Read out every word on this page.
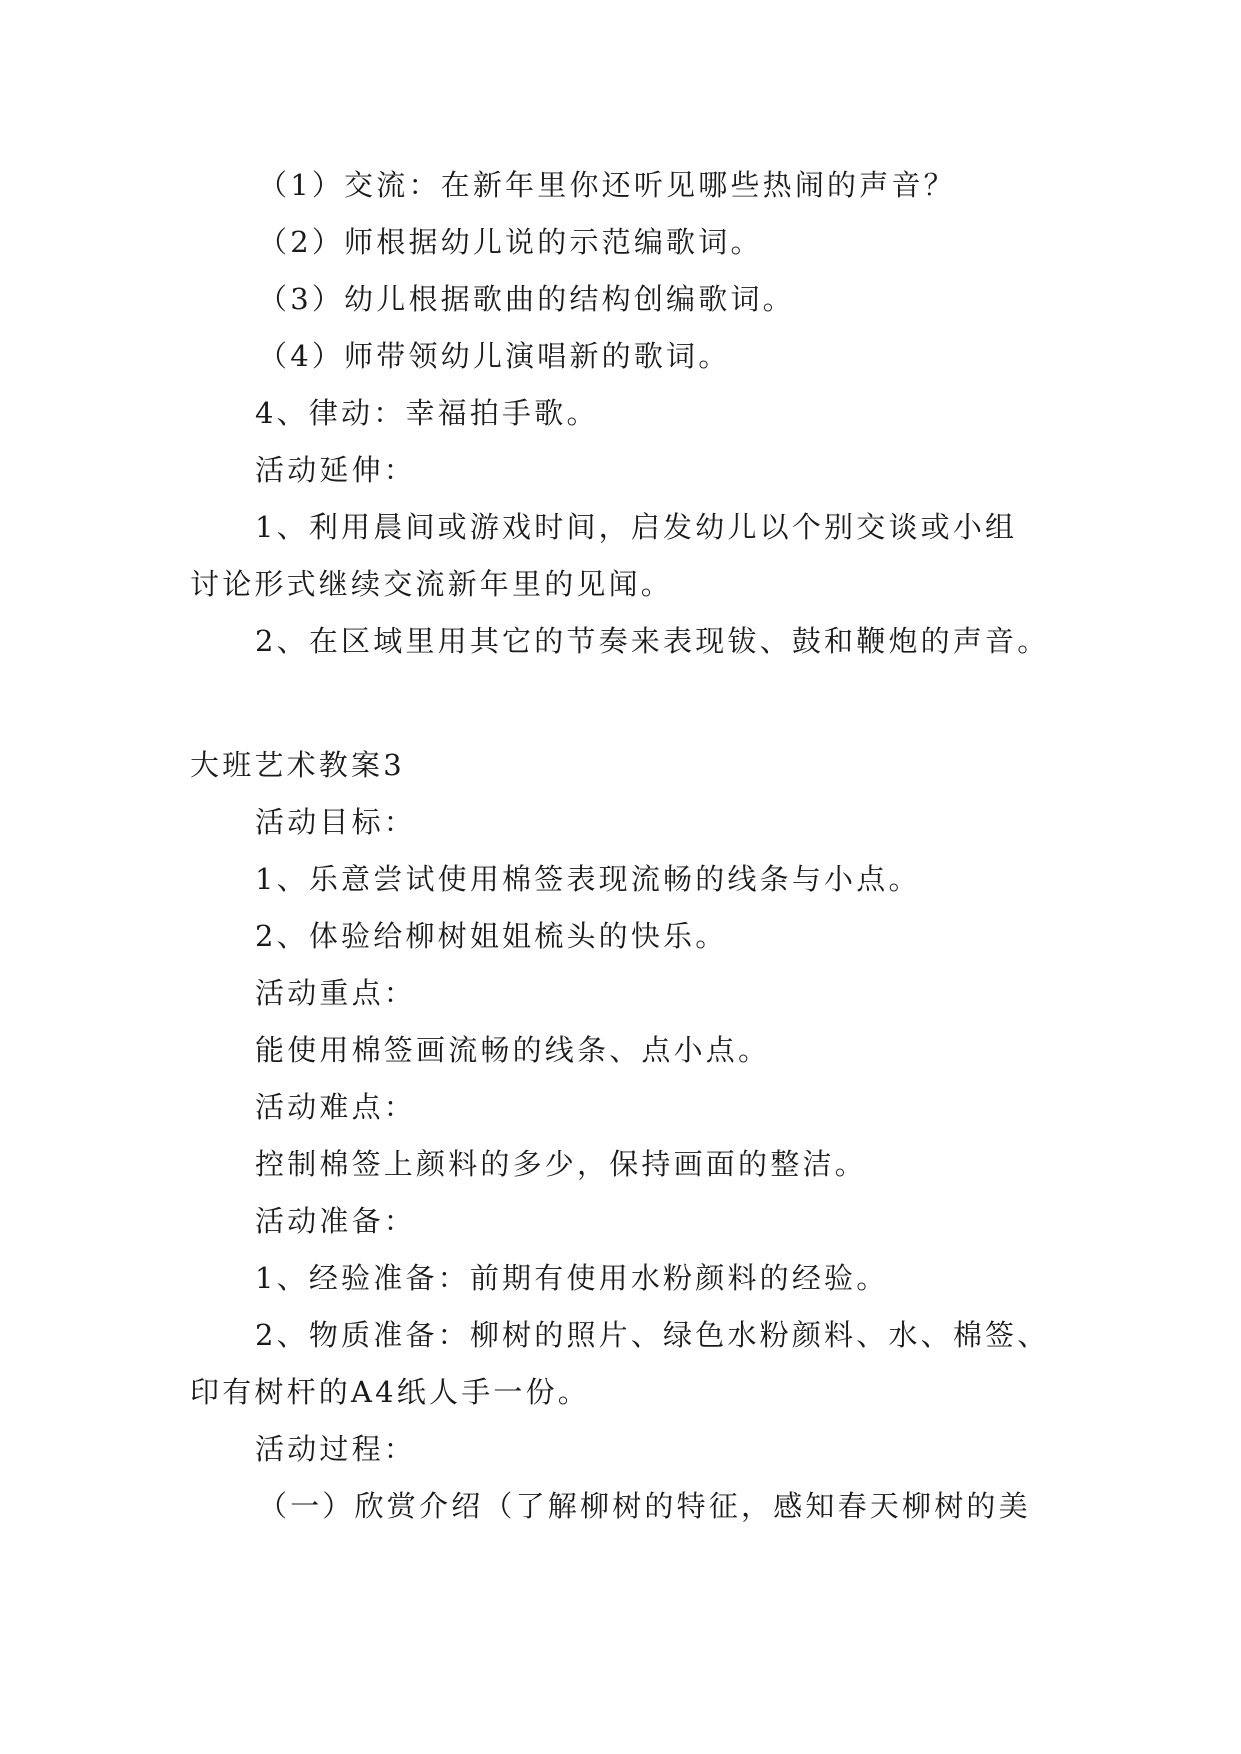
（1）交流：在新年里你还听见哪些热闹的声音？
（2）师根据幼儿说的示范编歌词。
（3）幼儿根据歌曲的结构创编歌词。
（4）师带领幼儿演唱新的歌词。
4、律动：幸福拍手歌。
活动延伸：
1、利用晨间或游戏时间，启发幼儿以个别交谈或小组
讨论形式继续交流新年里的见闻。
2、在区域里用其它的节奏来表现钹、鼓和鞭炮的声音。
大班艺术教案3
活动目标：
1、乐意尝试使用棉签表现流畅的线条与小点。
2、体验给柳树姐姐梳头的快乐。
活动重点：
能使用棉签画流畅的线条、点小点。
活动难点：
控制棉签上颜料的多少，保持画面的整洁。
活动准备：
1、经验准备：前期有使用水粉颜料的经验。
2、物质准备：柳树的照片、绿色水粉颜料、水、棉签、
印有树杆的A4纸人手一份。
活动过程：
（一）欣赏介绍（了解柳树的特征，感知春天柳树的美
